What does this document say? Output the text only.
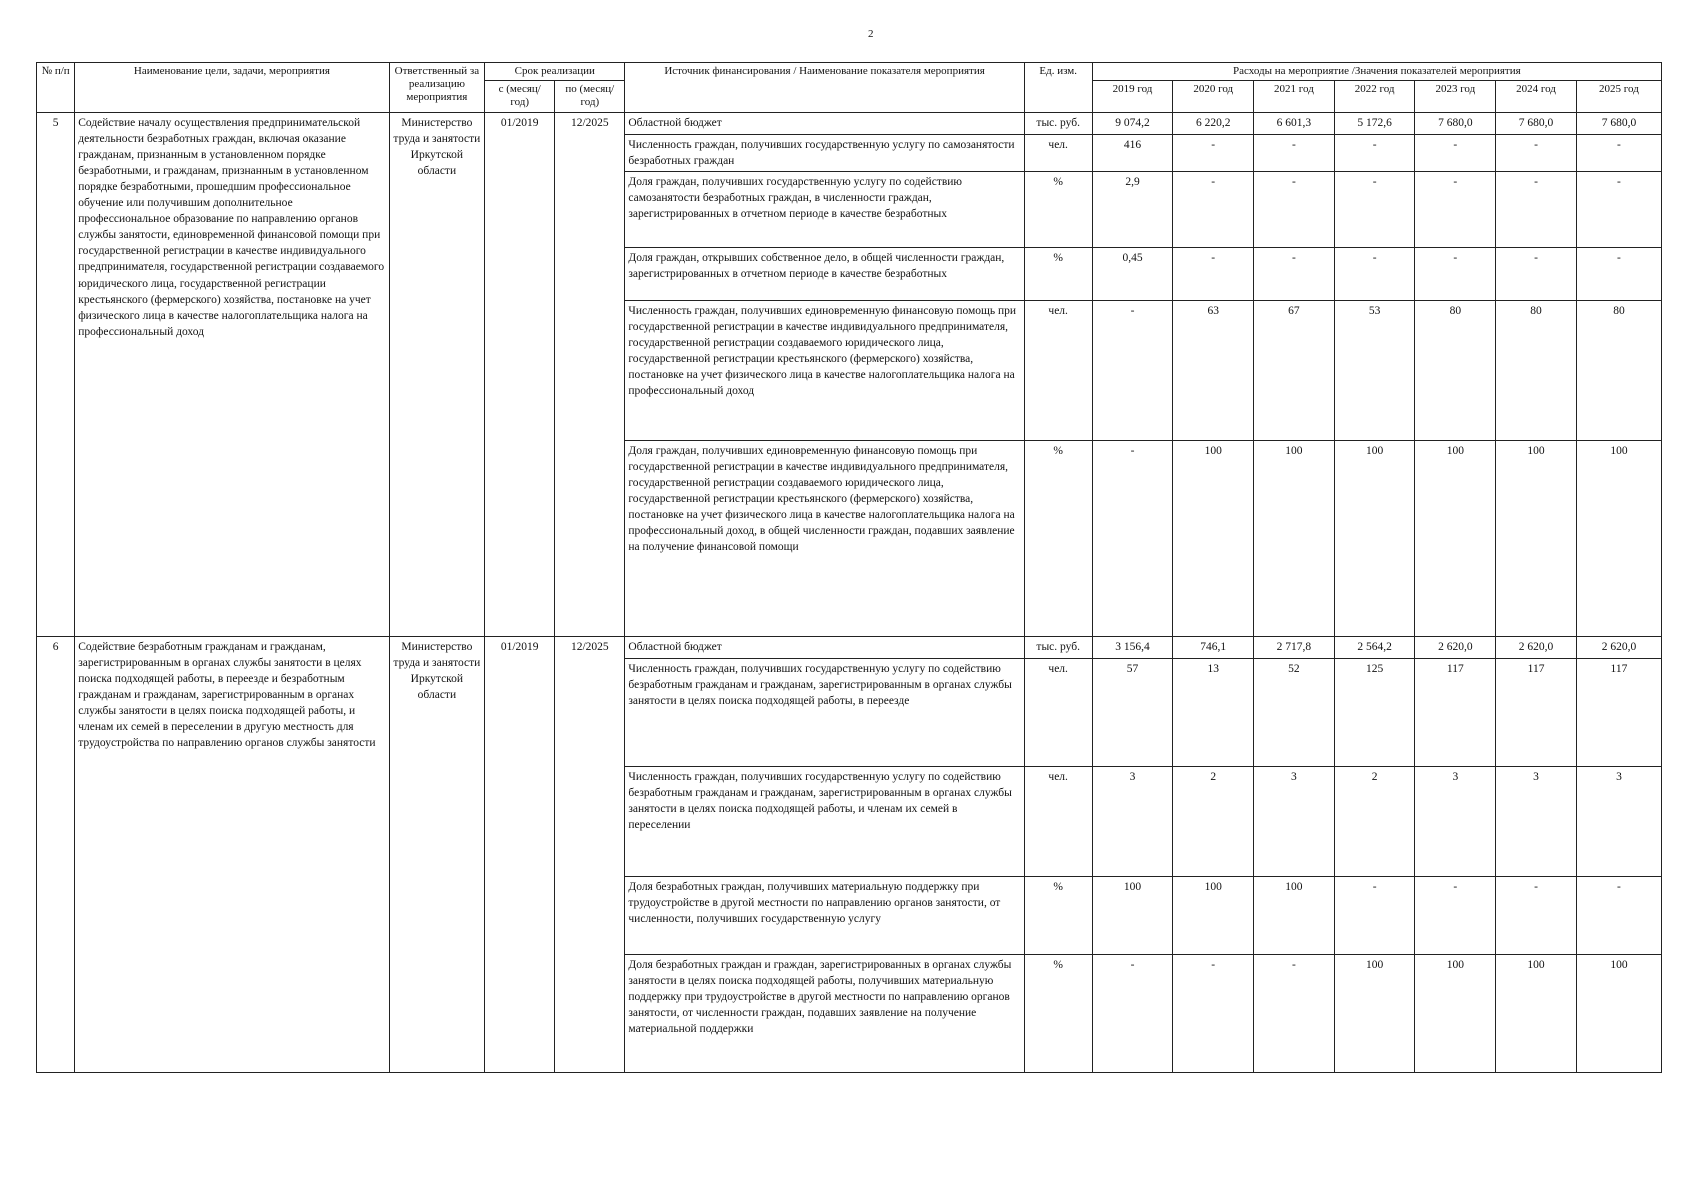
2
№ п/п	Наименование цели, задачи, мероприятия	Ответственный за реализацию мероприятия	Срок реализации		Источник финансирования / Наименование показателя мероприятия	Ед. изм.	Расходы на мероприятие /Значения показателей мероприятия						
			с (месяц/ год)	по (месяц/ год)			2019 год	2020 год	2021 год	2022 год	2023 год	2024 год	2025 год
5	Содействие началу осуществления предпринимательской деятельности безработных граждан, включая оказание гражданам, признанным в установленном порядке безработными, и гражданам, признанным в установленном порядке безработными, прошедшим профессиональное обучение или получившим дополнительное профессиональное образование по направлению органов службы занятости, единовременной финансовой помощи при государственной регистрации в качестве индивидуального предпринимателя, государственной регистрации создаваемого юридического лица, государственной регистрации крестьянского (фермерского) хозяйства, постановке на учет физического лица в качестве налогоплательщика налога на профессиональный доход	Министерство труда и занятости Иркутской области	01/2019	12/2025	Областной бюджет	тыс. руб.	9 074,2	6 220,2	6 601,3	5 172,6	7 680,0	7 680,0	7 680,0
					Численность граждан, получивших государственную услугу по самозанятости безработных граждан	чел.	416	-	-	-	-	-	-
					Доля граждан, получивших государственную услугу по содействию самозанятости безработных граждан, в численности граждан, зарегистрированных в отчетном периоде в качестве безработных	%	2,9	-	-	-	-	-	-
					Доля граждан, открывших собственное дело, в общей численности граждан, зарегистрированных в отчетном периоде в качестве безработных	%	0,45	-	-	-	-	-	-
					Численность граждан, получивших единовременную финансовую помощь при государственной регистрации в качестве индивидуального предпринимателя, государственной регистрации создаваемого юридического лица, государственной регистрации крестьянского (фермерского) хозяйства, постановке на учет физического лица в качестве налогоплательщика налога на профессиональный доход	чел.	-	63	67	53	80	80	80
					Доля граждан, получивших единовременную финансовую помощь при государственной регистрации в качестве индивидуального предпринимателя, государственной регистрации создаваемого юридического лица, государственной регистрации крестьянского (фермерского) хозяйства, постановке на учет физического лица в качестве налогоплательщика налога на профессиональный доход, в общей численности граждан, подавших заявление на получение финансовой помощи	%	-	100	100	100	100	100	100
6	Содействие безработным гражданам и гражданам, зарегистрированным в органах службы занятости в целях поиска подходящей работы, в переезде и безработным гражданам и гражданам, зарегистрированным в органах службы занятости в целях поиска подходящей работы, и членам их семей в переселении в другую местность для трудоустройства по направлению органов службы занятости	Министерство труда и занятости Иркутской области	01/2019	12/2025	Областной бюджет	тыс. руб.	3 156,4	746,1	2 717,8	2 564,2	2 620,0	2 620,0	2 620,0
					Численность граждан, получивших государственную услугу по содействию безработным гражданам и гражданам, зарегистрированным в органах службы занятости в целях поиска подходящей работы, в переезде	чел.	57	13	52	125	117	117	117
					Численность граждан, получивших государственную услугу по содействию безработным гражданам и гражданам, зарегистрированным в органах службы занятости в целях поиска подходящей работы, и членам их семей в переселении	чел.	3	2	3	2	3	3	3
					Доля безработных граждан, получивших материальную поддержку при трудоустройстве в другой местности по направлению органов занятости, от численности, получивших государственную услугу	%	100	100	100	-	-	-	-
					Доля безработных граждан и граждан, зарегистрированных в органах службы занятости в целях поиска подходящей работы, получивших материальную поддержку при трудоустройстве в другой местности по направлению органов занятости, от численности граждан, подавших заявление на получение материальной поддержки	%	-	-	-	100	100	100	100
